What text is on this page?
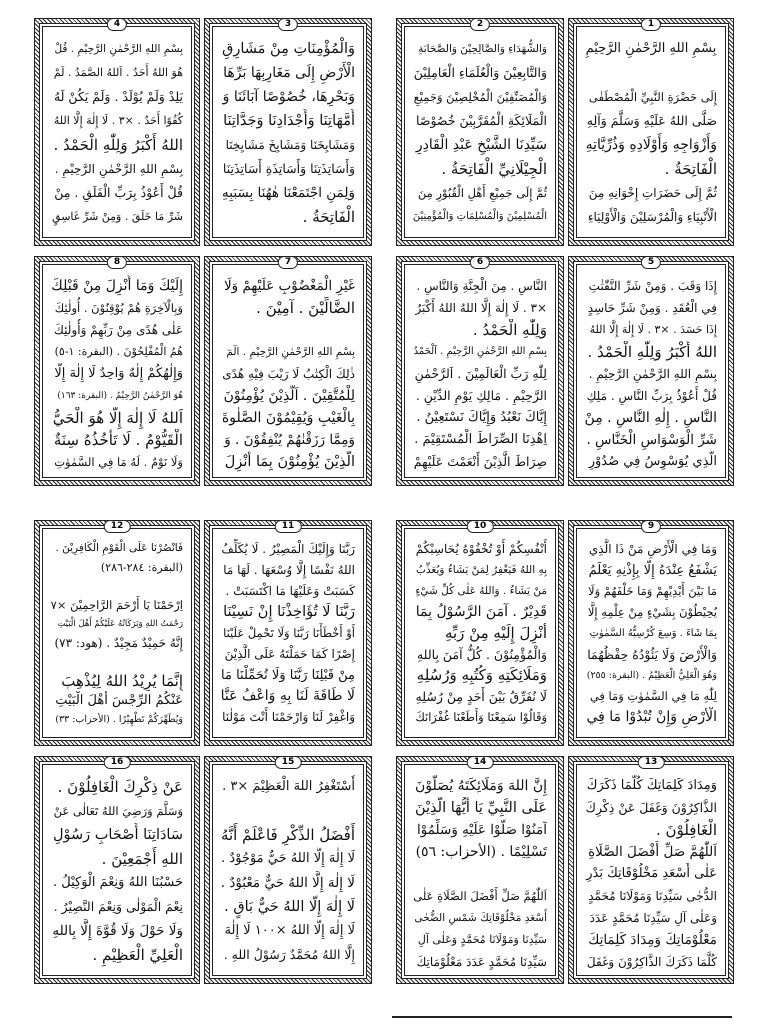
1
بِسْمِ اللهِ الرَّحْمٰنِ الرَّحِيْمِ

إِلَى حَضْرَةِ النَّبِيِّ الْمُصْطَفٰى
صَلَّى اللهُ عَلَيْهِ وَسَلَّمَ وَآلِهِ
وَأَزْوَاجِهِ وَأَوْلَادِهِ وَذُرِّيَّاتِهِ
الْفَاتِحَةُ .
ثُمَّ إِلَى حَضَرَاتِ إِخْوَانِهِ مِنَ
الْأَنْبِيَاءِ وَالْمُرْسَلِيْنَ وَالْأَوْلِيَاءِ
2
وَالشُّهَدَاءِ وَالصَّالِحِيْنَ وَالصَّحَابَةِ
وَالتَّابِعِيْنَ وَالْعُلَمَاءِ الْعَامِلِيْنَ
وَالْمُصَنِّفِيْنَ الْمُخْلِصِيْنَ وَجَمِيْعِ
الْمَلَائِكَةِ الْمُقَرَّبِيْنَ خُصُوْصًا
سَيِّدِنَا الشَّيْخِ عَبْدِ الْقَادِرِ
الْجِيْلَانِيِّ الْفَاتِحَةُ .
ثُمَّ إِلَى جَمِيْعِ أَهْلِ الْقُبُوْرِ مِنَ
الْمُسْلِمِيْنَ وَالْمُسْلِمَاتِ وَالْمُؤْمِنِيْنَ
3
وَالْمُؤْمِنَاتِ مِنْ مَشَارِقِ
الْأَرْضِ إِلَى مَغَارِبِهَا بَرِّهَا
وَبَحْرِهَا، خُصُوْصًا آبَائَنَا وَ
أُمَّهَاتِنَا وَأَجْدَادِنَا وَجَدَّاتِنَا
وَمَشَايِخَنَا وَمَشَايِخَ مَشَايِخِنَا
وَأَسَاتِذَتِنَا وَأَسَاتِذَةِ أَسَاتِذَتِنَا
وَلِمَنِ اجْتَمَعْنَا هٰهُنَا بِسَبَبِهِ
الْفَاتِحَةُ .
4
بِسْمِ اللهِ الرَّحْمٰنِ الرَّحِيْمِ . قُلْ
هُوَ اللهُ أَحَدٌ . اَللهُ الصَّمَدُ . لَمْ
يَلِدْ وَلَمْ يُوْلَدْ . وَلَمْ يَكُنْ لَهُ
كُفُوًا أَحَدٌ . ×٣ . لَا إِلٰهَ إِلَّا اللهُ
اللهُ أَكْبَرُ وَلِلّٰهِ الْحَمْدُ .
بِسْمِ اللهِ الرَّحْمٰنِ الرَّحِيْمِ .
قُلْ أَعُوْذُ بِرَبِّ الْفَلَقِ . مِنْ
شَرِّ مَا خَلَقَ . وَمِنْ شَرِّ غَاسِقٍ
5
إِذَا وَقَبَ . وَمِنْ شَرِّ النَّفّٰثٰتِ
فِي الْعُقَدِ . وَمِنْ شَرِّ حَاسِدٍ
إِذَا حَسَدَ . ×٣ . لَا إِلٰهَ إِلَّا اللهُ
اللهُ أَكْبَرُ وَلِلّٰهِ الْحَمْدُ .
بِسْمِ اللهِ الرَّحْمٰنِ الرَّحِيْمِ .
قُلْ أَعُوْذُ بِرَبِّ النَّاسِ . مَلِكِ
النَّاسِ . إِلٰهِ النَّاسِ . مِنْ
شَرِّ الْوَسْوَاسِ الْخَنَّاسِ .
الَّذِي يُوَسْوِسُ فِي صُدُوْرِ
6
النَّاسِ . مِنَ الْجِنَّةِ وَالنَّاسِ .
×٣ . لَا إِلٰهَ إِلَّا اللهُ اللهُ أَكْبَرُ
وَلِلّٰهِ الْحَمْدُ .
بِسْمِ اللهِ الرَّحْمٰنِ الرَّحِيْمِ . اَلْحَمْدُ
لِلّٰهِ رَبِّ الْعَالَمِيْنَ . اَلرَّحْمٰنِ
الرَّحِيْمِ . مَالِكِ يَوْمِ الدِّيْنِ .
إِيَّاكَ نَعْبُدُ وَإِيَّاكَ نَسْتَعِيْنُ .
اِهْدِنَا الصِّرَاطَ الْمُسْتَقِيْمَ .
صِرَاطَ الَّذِيْنَ أَنْعَمْتَ عَلَيْهِمْ
7
غَيْرِ الْمَغْضُوْبِ عَلَيْهِمْ وَلَا
الضَّالِّيْنَ . آمِيْنَ .

بِسْمِ اللهِ الرَّحْمٰنِ الرَّحِيْمِ . الٓمٓ
ذٰلِكَ الْكِتٰبُ لَا رَيْبَ فِيْهِ هُدًى
لِلْمُتَّقِيْنَ . اَلَّذِيْنَ يُؤْمِنُوْنَ
بِالْغَيْبِ وَيُقِيْمُوْنَ الصَّلٰوةَ
وَمِمَّا رَزَقْنٰهُمْ يُنْفِقُوْنَ . وَ
الَّذِيْنَ يُؤْمِنُوْنَ بِمَا أُنْزِلَ
8
إِلَيْكَ وَمَا أُنْزِلَ مِنْ قَبْلِكَ
وَبِالْآخِرَةِ هُمْ يُوْقِنُوْنَ . أُولٰئِكَ
عَلٰى هُدًى مِنْ رَبِّهِمْ وَأُولٰئِكَ
هُمُ الْمُفْلِحُوْنَ . (البقرة: ١-٥)
وَإِلٰهُكُمْ إِلٰهٌ وَاحِدٌ لَا إِلٰهَ إِلَّا
هُوَ الرَّحْمٰنُ الرَّحِيْمُ . (البقرة: ١٦٣)
اَللهُ لَا إِلٰهَ إِلَّا هُوَ الْحَيُّ
الْقَيُّوْمُ . لَا تَأْخُذُهُ سِنَةٌ
وَلَا نَوْمٌ . لَهُ مَا فِي السَّمٰوٰتِ
9
وَمَا فِي الْأَرْضِ مَنْ ذَا الَّذِي
يَشْفَعُ عِنْدَهُ إِلَّا بِإِذْنِهِ يَعْلَمُ
مَا بَيْنَ أَيْدِيْهِمْ وَمَا خَلْفَهُمْ وَلَا
يُحِيْطُوْنَ بِشَيْءٍ مِنْ عِلْمِهِ إِلَّا
بِمَا شَاءَ . وَسِعَ كُرْسِيُّهُ السَّمٰوٰتِ
وَالْأَرْضَ وَلَا يَئُوْدُهُ حِفْظُهُمَا
وَهُوَ الْعَلِيُّ الْعَظِيْمُ . (البقرة: ٢٥٥)
لِلّٰهِ مَا فِي السَّمٰوٰتِ وَمَا فِي
الْأَرْضِ وَإِنْ تُبْدُوْا مَا فِي
10
أَنْفُسِكُمْ أَوْ تُخْفُوْهُ يُحَاسِبْكُمْ
بِهِ اللهُ فَيَغْفِرُ لِمَنْ يَشَاءُ وَيُعَذِّبُ
مَنْ يَشَاءُ . وَاللهُ عَلٰى كُلِّ شَيْءٍ
قَدِيْرٌ . آمَنَ الرَّسُوْلُ بِمَا
أُنْزِلَ إِلَيْهِ مِنْ رَبِّهِ
وَالْمُؤْمِنُوْنَ . كُلٌّ آمَنَ بِاللهِ
وَمَلَائِكَتِهِ وَكُتُبِهِ وَرُسُلِهِ
لَا نُفَرِّقُ بَيْنَ أَحَدٍ مِنْ رُسُلِهِ
وَقَالُوْا سَمِعْنَا وَأَطَعْنَا غُفْرَانَكَ
11
رَبَّنَا وَإِلَيْكَ الْمَصِيْرُ . لَا يُكَلِّفُ
اللهُ نَفْسًا إِلَّا وُسْعَهَا . لَهَا مَا
كَسَبَتْ وَعَلَيْهَا مَا اكْتَسَبَتْ .
رَبَّنَا لَا تُؤَاخِذْنَا إِنْ نَسِيْنَا
أَوْ أَخْطَأْنَا رَبَّنَا وَلَا تَحْمِلْ عَلَيْنَا
إِصْرًا كَمَا حَمَلْتَهُ عَلَى الَّذِيْنَ
مِنْ قَبْلِنَا رَبَّنَا وَلَا تُحَمِّلْنَا مَا
لَا طَاقَةَ لَنَا بِهِ وَاعْفُ عَنَّا
وَاغْفِرْ لَنَا وَارْحَمْنَا أَنْتَ مَوْلٰنَا
12
فَانْصُرْنَا عَلَى الْقَوْمِ الْكَافِرِيْنَ .
(البقرة: ٢٨٤-٢٨٦)

اِرْحَمْنَا يَا أَرْحَمَ الرَّاحِمِيْنَ ×٧
رَحْمَتُ اللهِ وَبَرَكَاتُهُ عَلَيْكُمْ أَهْلَ الْبَيْتِ
إِنَّهُ حَمِيْدٌ مَجِيْدٌ . (هود: ٧٣)

إِنَّمَا يُرِيْدُ اللهُ لِيُذْهِبَ
عَنْكُمُ الرِّجْسَ أَهْلَ الْبَيْتِ
وَيُطَهِّرَكُمْ تَطْهِيْرًا . (الأحزاب: ٣٣)
13
وَمِدَادَ كَلِمَاتِكَ كُلَّمَا ذَكَرَكَ
الذَّاكِرُوْنَ وَغَفَلَ عَنْ ذِكْرِكَ
الْغَافِلُوْنَ .
اَللّٰهُمَّ صَلِّ أَفْضَلَ الصَّلَاةِ
عَلٰى أَسْعَدِ مَخْلُوْقَاتِكَ بَدْرِ
الدُّجٰى سَيِّدِنَا وَمَوْلَانَا مُحَمَّدٍ
وَعَلٰى آلِ سَيِّدِنَا مُحَمَّدٍ عَدَدَ
مَعْلُوْمَاتِكَ وَمِدَادَ كَلِمَاتِكَ
كُلَّمَا ذَكَرَكَ الذَّاكِرُوْنَ وَغَفَلَ
14
إِنَّ اللهَ وَمَلَائِكَتَهُ يُصَلُّوْنَ
عَلَى النَّبِيِّ يَا أَيُّهَا الَّذِيْنَ
آمَنُوْا صَلُّوْا عَلَيْهِ وَسَلِّمُوْا
تَسْلِيْمًا . (الأحزاب: ٥٦)

اَللّٰهُمَّ صَلِّ أَفْضَلَ الصَّلَاةِ عَلٰى
أَسْعَدِ مَخْلُوْقَاتِكَ شَمْسِ الضُّحٰى
سَيِّدِنَا وَمَوْلَانَا مُحَمَّدٍ وَعَلٰى آلِ
سَيِّدِنَا مُحَمَّدٍ عَدَدَ مَعْلُوْمَاتِكَ
15
أَسْتَغْفِرُ اللهَ الْعَظِيْمَ ×٣ .

أَفْضَلُ الذِّكْرِ فَاعْلَمْ أَنَّهُ
لَا إِلٰهَ إِلَّا اللهُ حَيٌّ مَوْجُوْدٌ .
لَا إِلٰهَ إِلَّا اللهُ حَيٌّ مَعْبُوْدٌ .
لَا إِلٰهَ إِلَّا اللهُ حَيٌّ بَاقٍ .
لَا إِلٰهَ إِلَّا اللهُ ×١٠٠ لَا إِلٰهَ
إِلَّا اللهُ مُحَمَّدٌ رَسُوْلُ اللهِ .
16
عَنْ ذِكْرِكَ الْغَافِلُوْنَ .
وَسَلَّمَ وَرَضِيَ اللهُ تَعَالٰى عَنْ
سَادَاتِنَا أَصْحَابِ رَسُوْلِ
اللهِ أَجْمَعِيْنَ .
حَسْبُنَا اللهُ وَنِعْمَ الْوَكِيْلُ .
نِعْمَ الْمَوْلٰى وَنِعْمَ النَّصِيْرُ .
وَلَا حَوْلَ وَلَا قُوَّةَ إِلَّا بِاللهِ
الْعَلِيِّ الْعَظِيْمِ .
